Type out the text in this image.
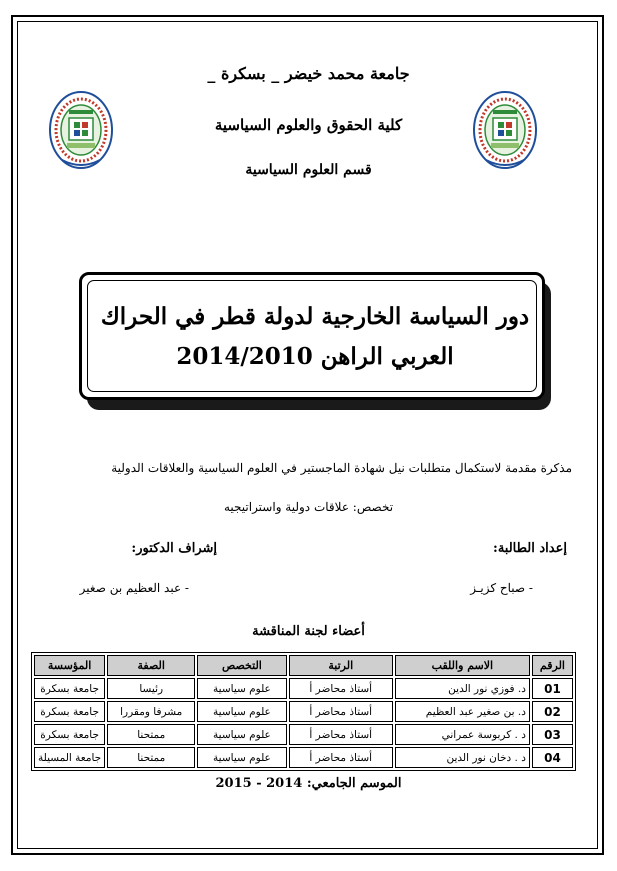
جامعة محمد خيضر _ بسكرة _
كلية الحقوق والعلوم السياسية
قسم العلوم السياسية
دور السياسة الخارجية لدولة قطر في الحراك
العربي الراهن 2014/2010
مذكرة مقدمة لاستكمال متطلبات نيل شهادة الماجستير في العلوم السياسية والعلاقات الدولية
تخصص: علاقات دولية واستراتيجيه
إعداد الطالبة:
إشراف الدكتور:
- صباح كزيـز
- عبد العظيم بن صغير
أعضاء لجنة المناقشة
الرقم	الاسم واللقب	الرتبة	التخصص	الصفة	المؤسسة
01	د. فوزي نور الدين	أستاذ محاضر أ	علوم سياسية	رئيسا	جامعة بسكرة
02	د. بن صغير عبد العظيم	أستاذ محاضر أ	علوم سياسية	مشرفا ومقررا	جامعة بسكرة
03	د . كربوسة عمراني	أستاذ محاضر أ	علوم سياسية	ممتحنا	جامعة بسكرة
04	د . دخان نور الدين	أستاذ محاضر أ	علوم سياسية	ممتحنا	جامعة المسيلة
الموسم الجامعي: 2014 - 2015
